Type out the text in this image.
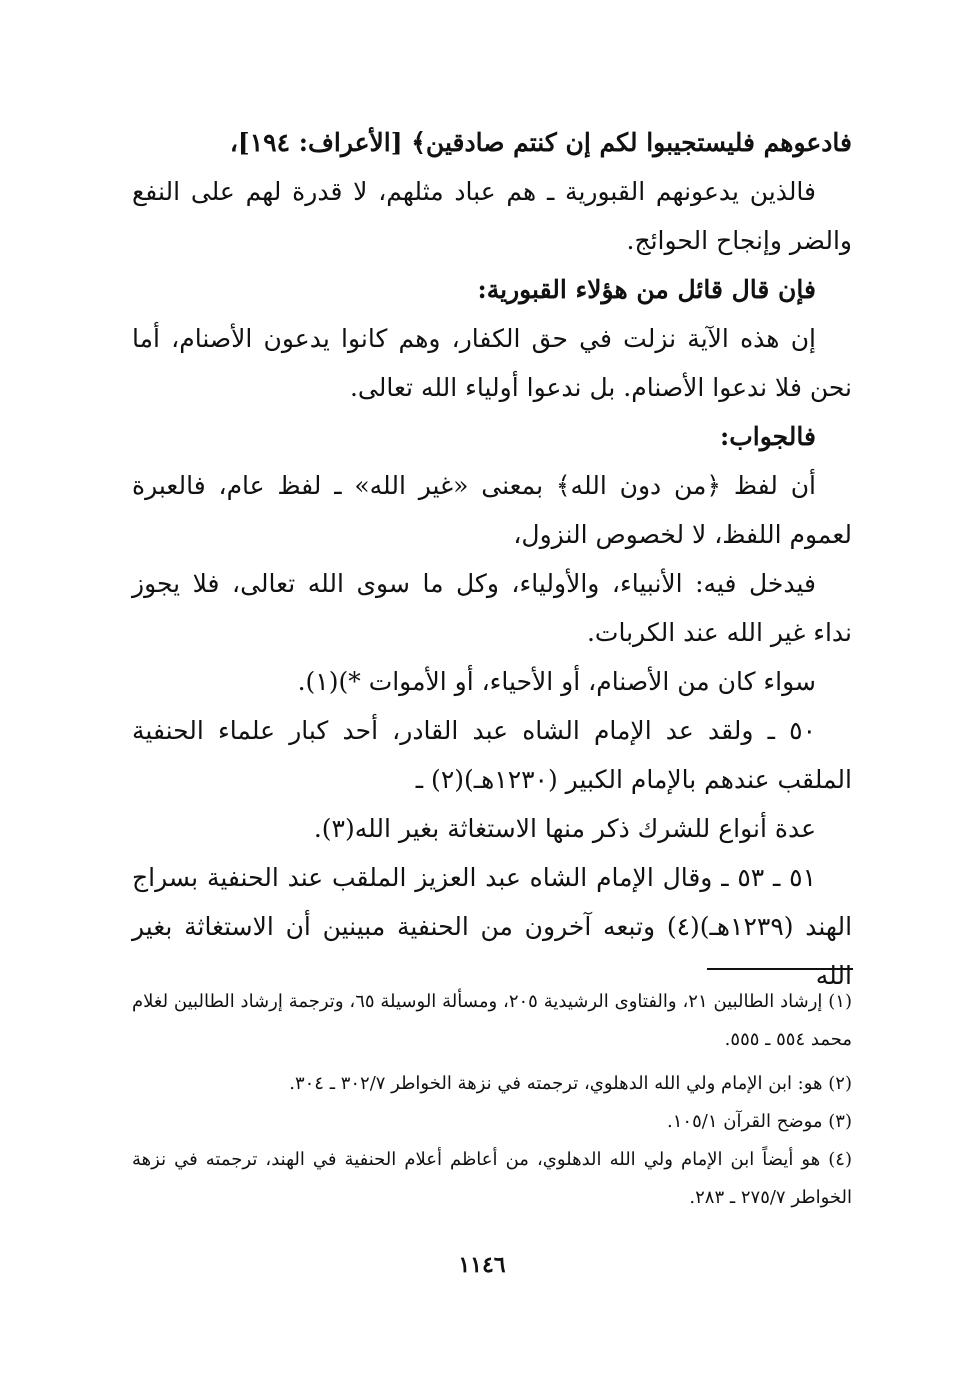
فادعوهم فليستجيبوا لكم إن كنتم صادقين﴾ [الأعراف: ١٩٤]،

فالذين يدعونهم القبورية ـ هم عباد مثلهم، لا قدرة لهم على النفع والضر وإنجاح الحوائج.

فإن قال قائل من هؤلاء القبورية:

إن هذه الآية نزلت في حق الكفار، وهم كانوا يدعون الأصنام، أما نحن فلا ندعوا الأصنام. بل ندعوا أولياء الله تعالى.

فالجواب:

أن لفظ ﴿من دون الله﴾ بمعنى «غير الله» ـ لفظ عام، فالعبرة لعموم اللفظ، لا لخصوص النزول،

فيدخل فيه: الأنبياء، والأولياء، وكل ما سوى الله تعالى، فلا يجوز نداء غير الله عند الكربات.

سواء كان من الأصنام، أو الأحياء، أو الأموات *)(١).

٥٠ ـ ولقد عد الإمام الشاه عبد القادر، أحد كبار علماء الحنفية الملقب عندهم بالإمام الكبير (١٢٣٠هـ)(٢) ـ

عدة أنواع للشرك ذكر منها الاستغاثة بغير الله(٣).

٥١ ـ ٥٣ ـ وقال الإمام الشاه عبد العزيز الملقب عند الحنفية بسراج الهند (١٢٣٩هـ)(٤) وتبعه آخرون من الحنفية مبينين أن الاستغاثة بغير الله

(١) إرشاد الطالبين ٢١، والفتاوى الرشيدية ٢٠٥، ومسألة الوسيلة ٦٥، وترجمة إرشاد الطالبين لغلام محمد ٥٥٤ ـ ٥٥٥.

(٢) هو: ابن الإمام ولي الله الدهلوي، ترجمته في نزهة الخواطر ٣٠٢/٧ ـ ٣٠٤.

(٣) موضح القرآن ١٠٥/١.

(٤) هو أيضاً ابن الإمام ولي الله الدهلوي، من أعاظم أعلام الحنفية في الهند، ترجمته في نزهة الخواطر ٢٧٥/٧ ـ ٢٨٣.

١١٤٦
